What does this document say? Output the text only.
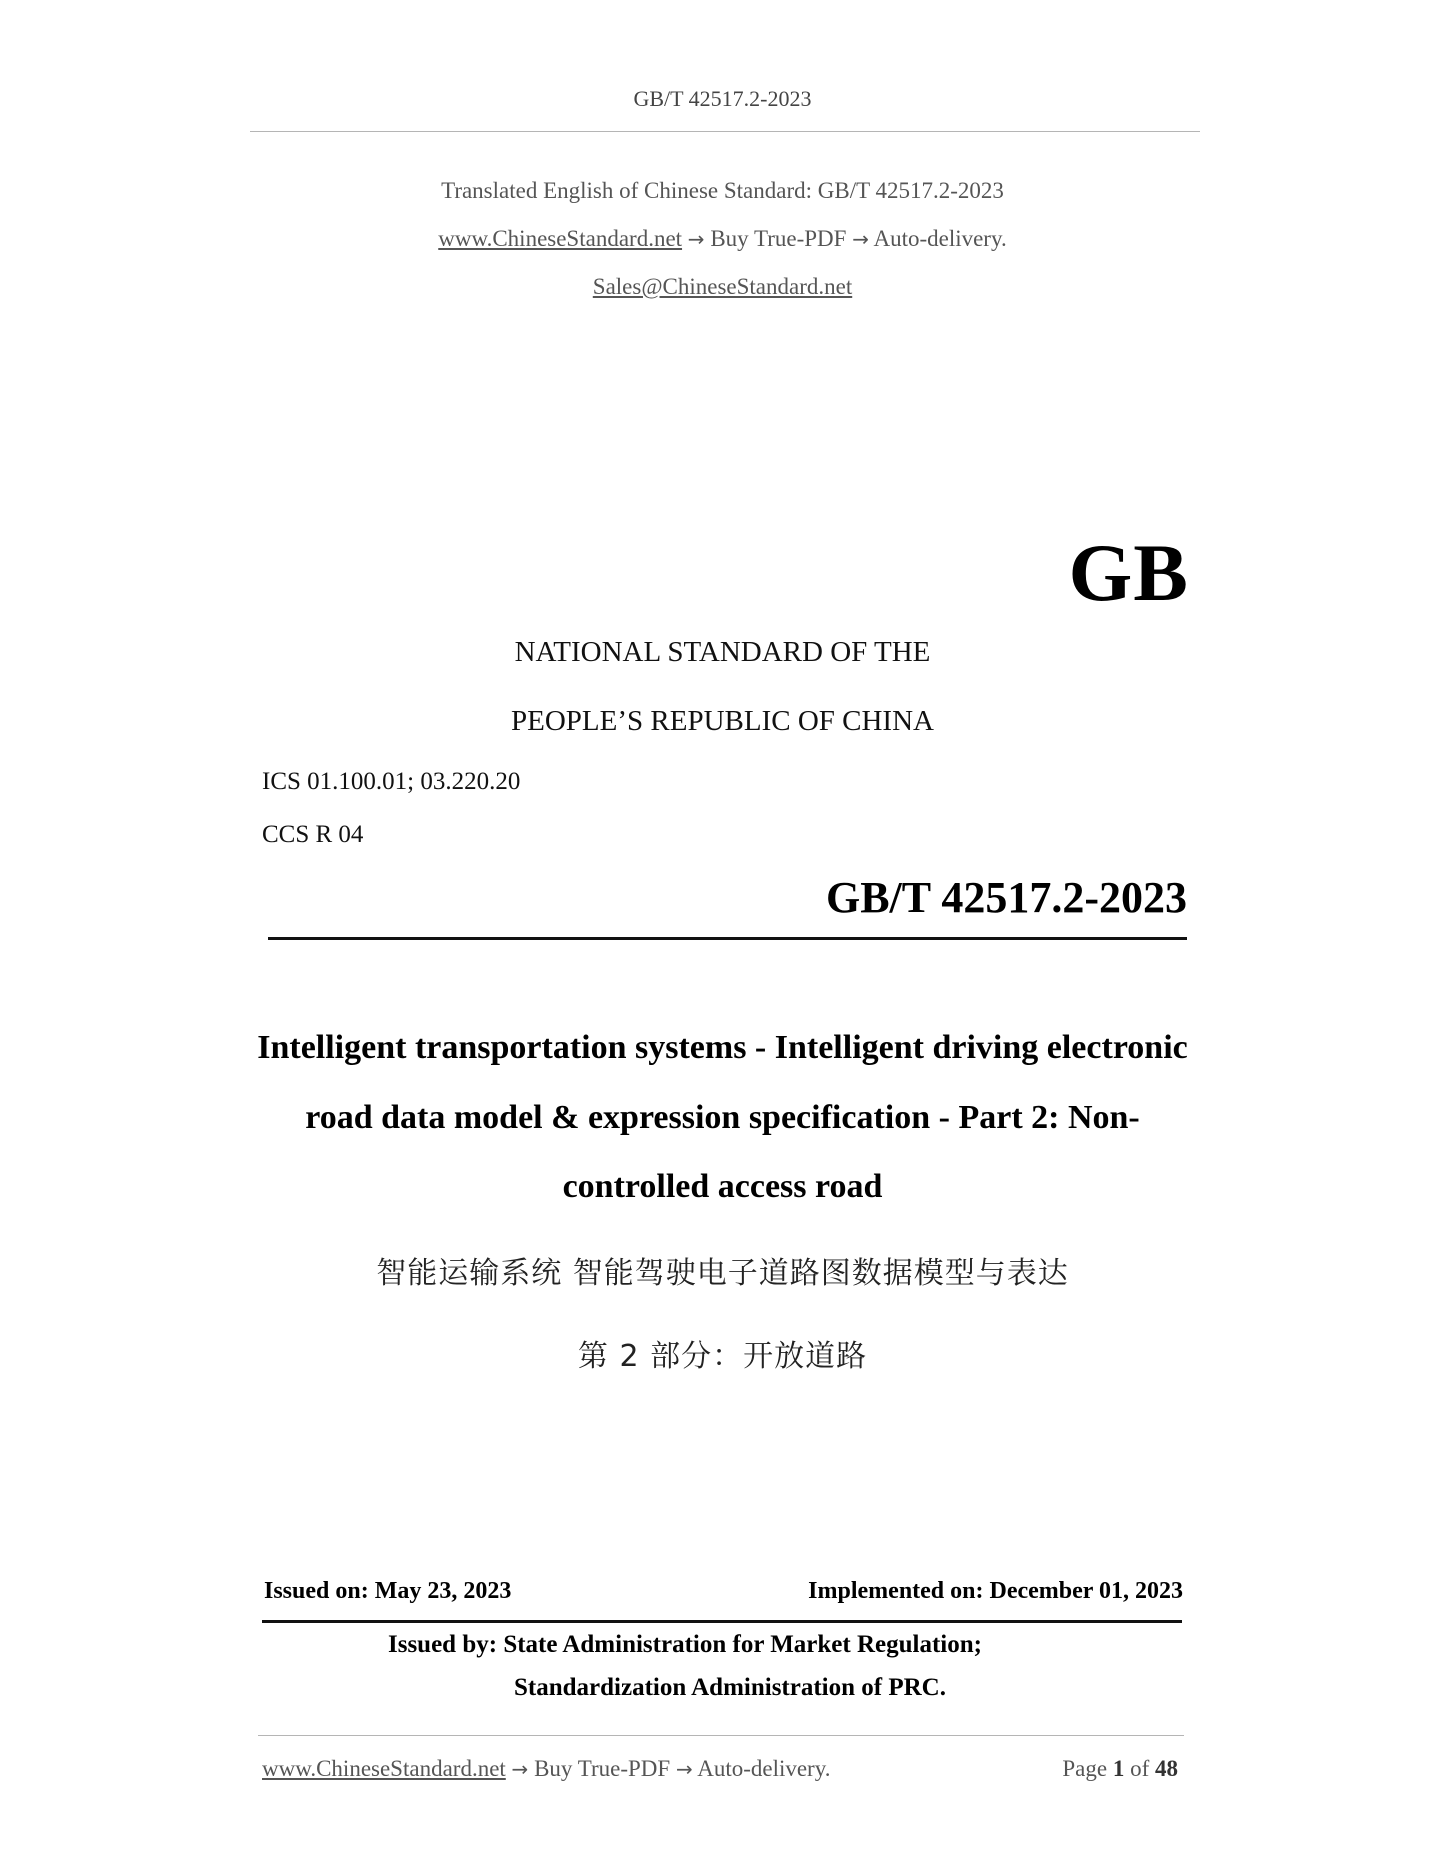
GB/T 42517.2-2023
Translated English of Chinese Standard: GB/T 42517.2-2023
www.ChineseStandard.net → Buy True-PDF → Auto-delivery.
Sales@ChineseStandard.net
GB
NATIONAL STANDARD OF THE
PEOPLE’S REPUBLIC OF CHINA
ICS 01.100.01; 03.220.20
CCS R 04
GB/T 42517.2-2023
Intelligent transportation systems - Intelligent driving electronic road data model & expression specification - Part 2: Non-controlled access road
智能运输系统 智能驾驶电子道路图数据模型与表达
第 2 部分：开放道路
Issued on: May 23, 2023	Implemented on: December 01, 2023
Issued by: State Administration for Market Regulation;
Standardization Administration of PRC.
www.ChineseStandard.net → Buy True-PDF → Auto-delivery.	Page 1 of 48
